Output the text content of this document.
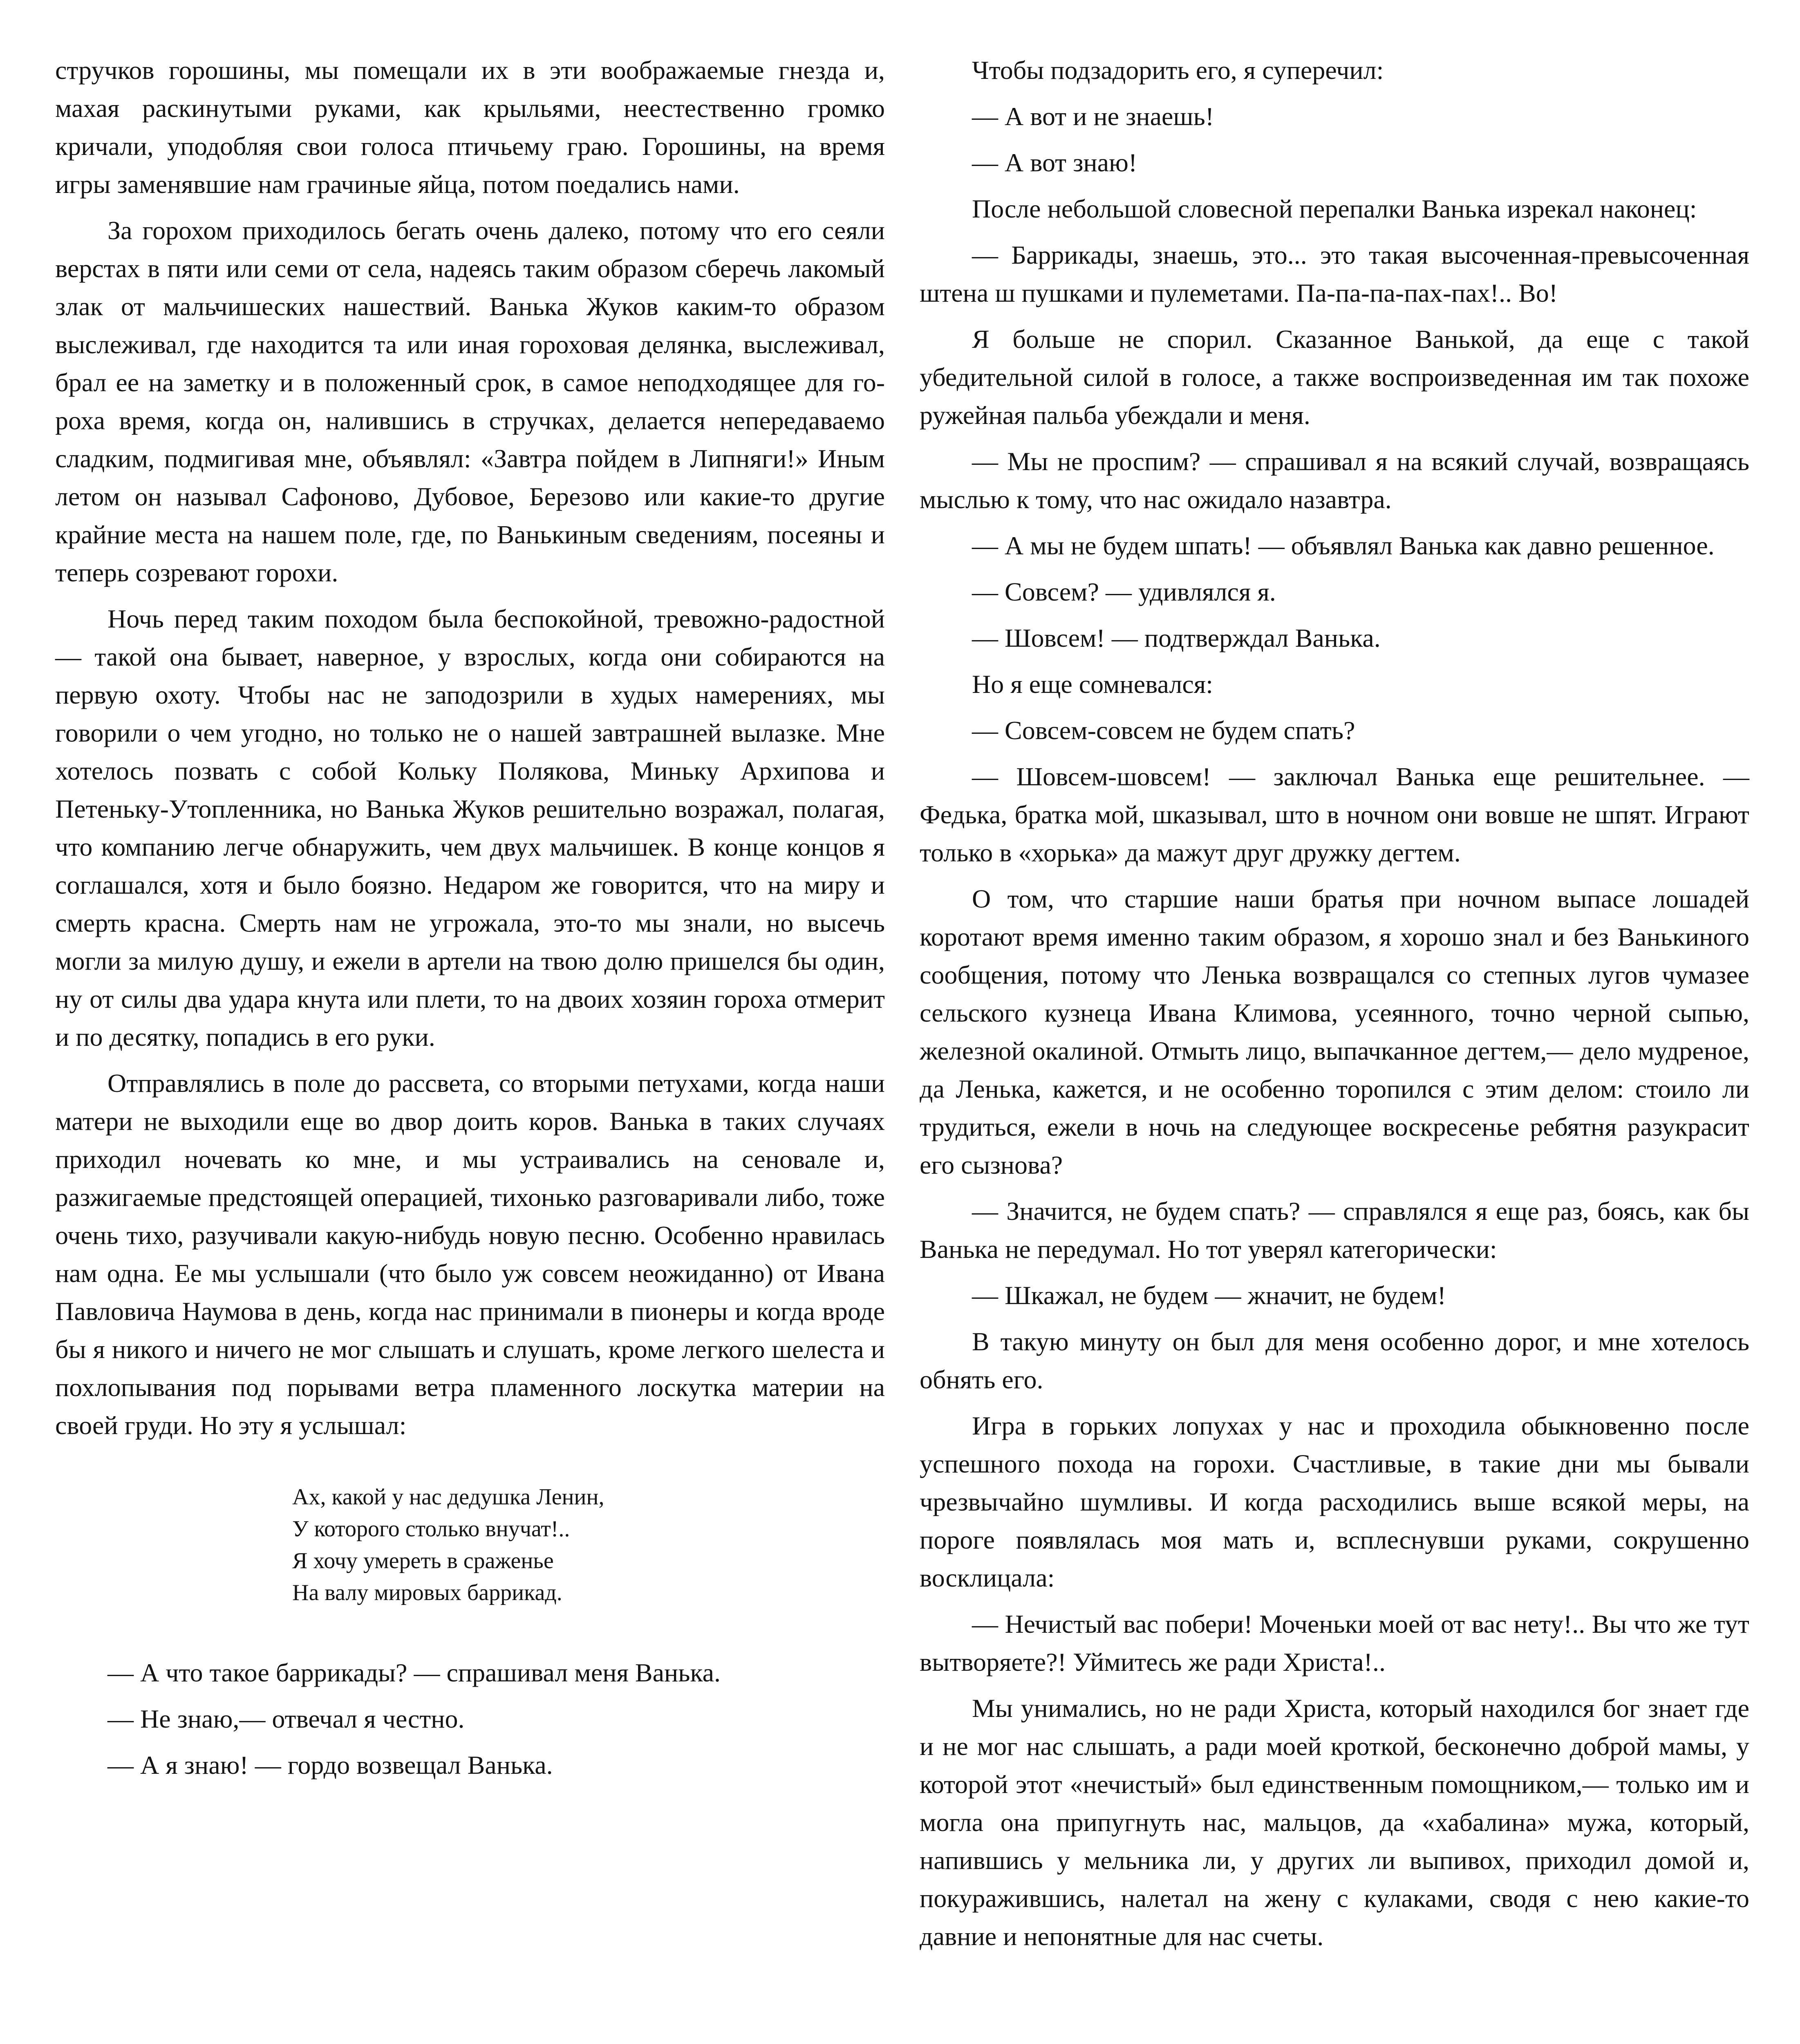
стручков горошины, мы помещали их в эти воображаемые гнезда и, махая раскинутыми руками, как крыльями, неестественно громко кричали, уподобляя свои голоса птичьему граю. Горошины, на время игры заменявшие нам грачиные яйца, потом поедались нами.

За горохом приходилось бегать очень далеко, потому что его сеяли верстах в пяти или семи от села, надеясь таким образом сберечь лакомый злак от мальчишеских нашествий. Ванька Жуков каким-то образом выслеживал, где находится та или иная гороховая делянка, выслеживал, брал ее на заметку и в положенный срок, в самое неподходящее для гороха время, когда он, налившись в стручках, делается непередаваемо сладким, подмигивая мне, объявлял: «Завтра пойдем в Липняги!» Иным летом он называл Сафоново, Дубовое, Березово или какие-то другие крайние места на нашем поле, где, по Ванькиным сведениям, посеяны и теперь созревают горохи.

Ночь перед таким походом была беспокойной, тревожно-радостной — такой она бывает, наверное, у взрослых, когда они собираются на первую охоту. Чтобы нас не заподозрили в худых намерениях, мы говорили о чем угодно, но только не о нашей завтрашней вылазке. Мне хотелось позвать с собой Кольку Полякова, Миньку Архипова и Петеньку-Утопленника, но Ванька Жуков решительно возражал, полагая, что компанию легче обнаружить, чем двух мальчишек. В конце концов я соглашался, хотя и было боязно. Недаром же говорится, что на миру и смерть красна. Смерть нам не угрожала, это-то мы знали, но высечь могли за милую душу, и ежели в артели на твою долю пришелся бы один, ну от силы два удара кнута или плети, то на двоих хозяин гороха отмерит и по десятку, попадись в его руки.

Отправлялись в поле до рассвета, со вторыми петухами, когда наши матери не выходили еще во двор доить коров. Ванька в таких случаях приходил ночевать ко мне, и мы устраивались на сеновале и, разжигаемые предстоящей операцией, тихонько разговаривали либо, тоже очень тихо, разучивали какую-нибудь новую песню. Особенно нравилась нам одна. Ее мы услышали (что было уж совсем неожиданно) от Ивана Павловича Наумова в день, когда нас принимали в пионеры и когда вроде бы я никого и ничего не мог слышать и слушать, кроме легкого шелеста и похлопывания под порывами ветра пламенного лоскутка материи на своей груди. Но эту я услышал:

Ах, какой у нас дедушка Ленин,
У которого столько внучат!..
Я хочу умереть в сраженье
На валу мировых баррикад.

— А что такое баррикады? — спрашивал меня Ванька.

— Не знаю,— отвечал я честно.

— А я знаю! — гордо возвещал Ванька.

Чтобы подзадорить его, я суперечил:

— А вот и не знаешь!

— А вот знаю!

После небольшой словесной перепалки Ванька изрекал наконец:

— Баррикады, знаешь, это... это такая высоченная-превысоченная штена ш пушками и пулеметами. Па-па-па-пах-пах!.. Во!

Я больше не спорил. Сказанное Ванькой, да еще с такой убедительной силой в голосе, а также воспроизведенная им так похоже ружейная пальба убеждали и меня.

— Мы не проспим? — спрашивал я на всякий случай, возвращаясь мыслью к тому, что нас ожидало назавтра.

— А мы не будем шпать! — объявлял Ванька как давно решенное.

— Совсем? — удивлялся я.

— Шовсем! — подтверждал Ванька.

Но я еще сомневался:

— Совсем-совсем не будем спать?

— Шовсем-шовсем! — заключал Ванька еще решительнее. — Федька, братка мой, шказывал, што в ночном они вовше не шпят. Играют только в «хорька» да мажут друг дружку дегтем.

О том, что старшие наши братья при ночном выпасе лошадей коротают время именно таким образом, я хорошо знал и без Ванькиного сообщения, потому что Ленька возвращался со степных лугов чумазее сельского кузнеца Ивана Климова, усеянного, точно черной сыпью, железной окалиной. Отмыть лицо, выпачканное дегтем,— дело мудреное, да Ленька, кажется, и не особенно торопился с этим делом: стоило ли трудиться, ежели в ночь на следующее воскресенье ребятня разукрасит его сызнова?

— Значится, не будем спать? — справлялся я еще раз, боясь, как бы Ванька не передумал. Но тот уверял категорически:

— Шкажал, не будем — жначит, не будем!

В такую минуту он был для меня особенно дорог, и мне хотелось обнять его.

Игра в горьких лопухах у нас и проходила обыкновенно после успешного похода на горохи. Счастливые, в такие дни мы бывали чрезвычайно шумливы. И когда расходились выше всякой меры, на пороге появлялась моя мать и, всплеснувши руками, сокрушенно восклицала:

— Нечистый вас побери! Моченьки моей от вас нету!.. Вы что же тут вытворяете?! Уймитесь же ради Христа!..

Мы унимались, но не ради Христа, который находился бог знает где и не мог нас слышать, а ради моей кроткой, бесконечно доброй мамы, у которой этот «нечистый» был единственным помощником,— только им и могла она припугнуть нас, мальцов, да «хабалина» мужа, который, напившись у мельника ли, у других ли выпивох, приходил домой и, покуражившись, налетал на жену с кулаками, сводя с нею какие-то давние и непонятные для нас счеты.
